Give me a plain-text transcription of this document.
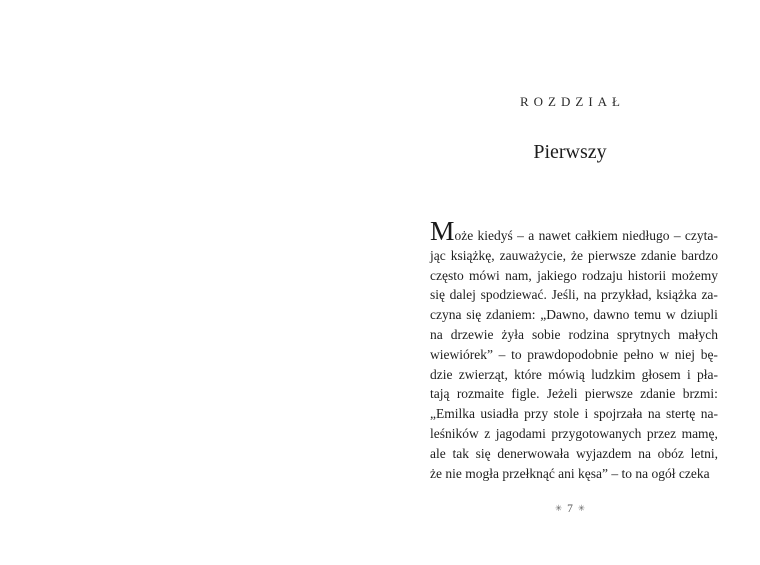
ROZDZIAŁ
Pierwszy
Może kiedyś – a nawet całkiem niedługo – czyta-
jąc książkę, zauważycie, że pierwsze zdanie bardzo
często mówi nam, jakiego rodzaju historii możemy
się dalej spodziewać. Jeśli, na przykład, książka za-
czyna się zdaniem: „Dawno, dawno temu w dziupli
na drzewie żyła sobie rodzina sprytnych małych
wiewiórek” – to prawdopodobnie pełno w niej bę-
dzie zwierząt, które mówią ludzkim głosem i pła-
tają rozmaite figle. Jeżeli pierwsze zdanie brzmi:
„Emilka usiadła przy stole i spojrzała na stertę na-
leśników z jagodami przygotowanych przez mamę,
ale tak się denerwowała wyjazdem na obóz letni,
że nie mogła przełknąć ani kęsa” – to na ogół czeka
✳ 7 ✳
